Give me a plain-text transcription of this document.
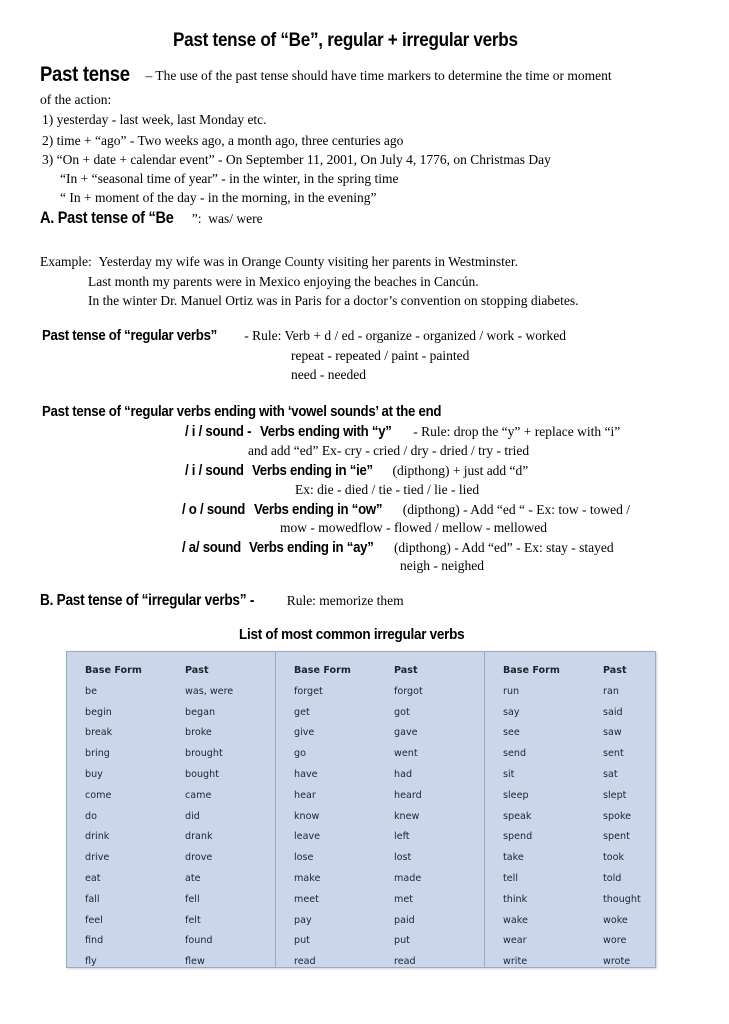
Past tense of “Be”, regular + irregular verbs
Past tense – The use of the past tense should have time markers to determine the time or moment
of the action:
1) yesterday - last week, last Monday etc.
2) time + “ago” - Two weeks ago, a month ago, three centuries ago
3) “On + date + calendar event” - On September 11, 2001, On July 4, 1776, on Christmas Day
“In + “seasonal time of year” - in the winter, in the spring time
“ In + moment of the day - in the morning, in the evening”
A. Past tense of “Be ”: was/ were
Example: Yesterday my wife was in Orange County visiting her parents in Westminster.
Last month my parents were in Mexico enjoying the beaches in Cancún.
In the winter Dr. Manuel Ortiz was in Paris for a doctor’s convention on stopping diabetes.
Past tense of “regular verbs” - Rule: Verb + d / ed - organize - organized / work - worked
repeat - repeated / paint - painted
need - needed
Past tense of “regular verbs ending with ‘vowel sounds’ at the end
/ i / sound -Verbs ending with “y” - Rule: drop the “y” + replace with “i”
and add “ed” Ex- cry - cried / dry - dried / try - tried
/ i / soundVerbs ending in “ie” (dipthong) + just add “d”
Ex: die - died / tie - tied / lie - lied
/ o / soundVerbs ending in “ow” (dipthong) ‐ Add “ed “ - Ex: tow - towed /
mow - mowedflow - flowed / mellow - mellowed
/ a/ soundVerbs ending in “ay” (dipthong) ‐ Add “ed” - Ex: stay - stayed
neigh - neighed
B. Past tense of “irregular verbs” - Rule: memorize them
List of most common irregular verbs
Base Form	Past
be	was, were
begin	began
break	broke
bring	brought
buy	bought
come	came
do	did
drink	drank
drive	drove
eat	ate
fall	fell
feel	felt
find	found
fly	flew
Base Form	Past
forget	forgot
get	got
give	gave
go	went
have	had
hear	heard
know	knew
leave	left
lose	lost
make	made
meet	met
pay	paid
put	put
read	read
Base Form	Past
run	ran
say	said
see	saw
send	sent
sit	sat
sleep	slept
speak	spoke
spend	spent
take	took
tell	told
think	thought
wake	woke
wear	wore
write	wrote
